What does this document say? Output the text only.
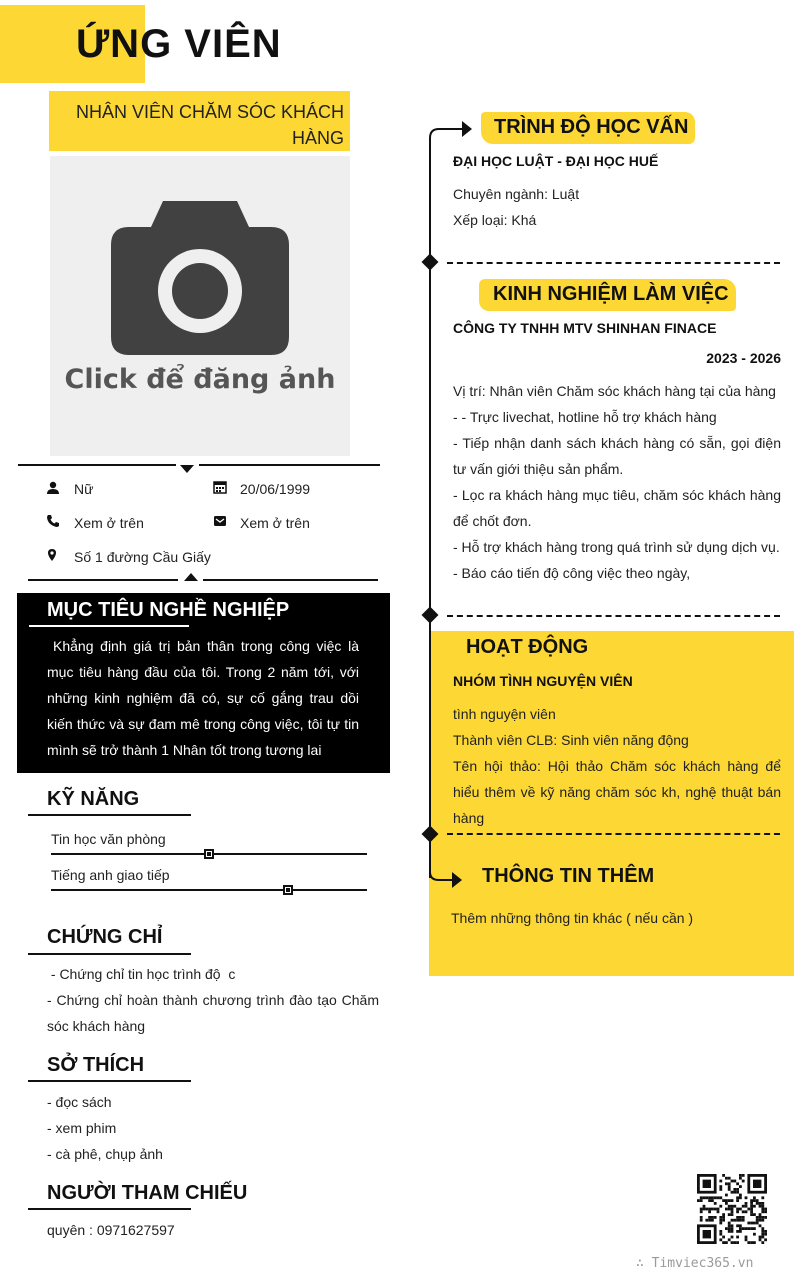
ỨNG VIÊN
NHÂN VIÊN CHĂM SÓC KHÁCH HÀNG
Click để đăng ảnh
Nữ	20/06/1999
Xem ở trên	Xem ở trên
Số 1 đường Cầu Giấy
MỤC TIÊU NGHỀ NGHIỆP
Khẳng định giá trị bản thân trong công việc là mục tiêu hàng đầu của tôi. Trong 2 năm tới, với những kinh nghiệm đã có, sự cố gắng trau dồi kiến thức và sự đam mê trong công việc, tôi tự tin mình sẽ trở thành 1 Nhân tốt trong tương lai
KỸ NĂNG
Tin học văn phòng
Tiếng anh giao tiếp
CHỨNG CHỈ
- Chứng chỉ tin học trình độ  c
- Chứng chỉ hoàn thành chương trình đào tạo Chăm sóc khách hàng
SỞ THÍCH
- đọc sách
- xem phim
- cà phê, chụp ảnh
NGƯỜI THAM CHIẾU
quyên : 0971627597
TRÌNH ĐỘ HỌC VẤN
ĐẠI HỌC LUẬT - ĐẠI HỌC HUẾ
Chuyên ngành: Luật
Xếp loại: Khá
KINH NGHIỆM LÀM VIỆC
CÔNG TY TNHH MTV SHINHAN FINACE
2023 - 2026
Vị trí: Nhân viên Chăm sóc khách hàng tại của hàng
- - Trực livechat, hotline hỗ trợ khách hàng
- Tiếp nhận danh sách khách hàng có sẵn, gọi điện tư vấn giới thiệu sản phẩm.
- Lọc ra khách hàng mục tiêu, chăm sóc khách hàng để chốt đơn.
- Hỗ trợ khách hàng trong quá trình sử dụng dịch vụ.
- Báo cáo tiến độ công việc theo ngày,
HOẠT ĐỘNG
NHÓM TÌNH NGUYỆN VIÊN
tình nguyện viên
Thành viên CLB: Sinh viên năng động
Tên hội thảo: Hội thảo Chăm sóc khách hàng để hiểu thêm về kỹ năng chăm sóc kh, nghệ thuật bán hàng
THÔNG TIN THÊM
Thêm những thông tin khác ( nếu cần )
∴ Timviec365.vn
